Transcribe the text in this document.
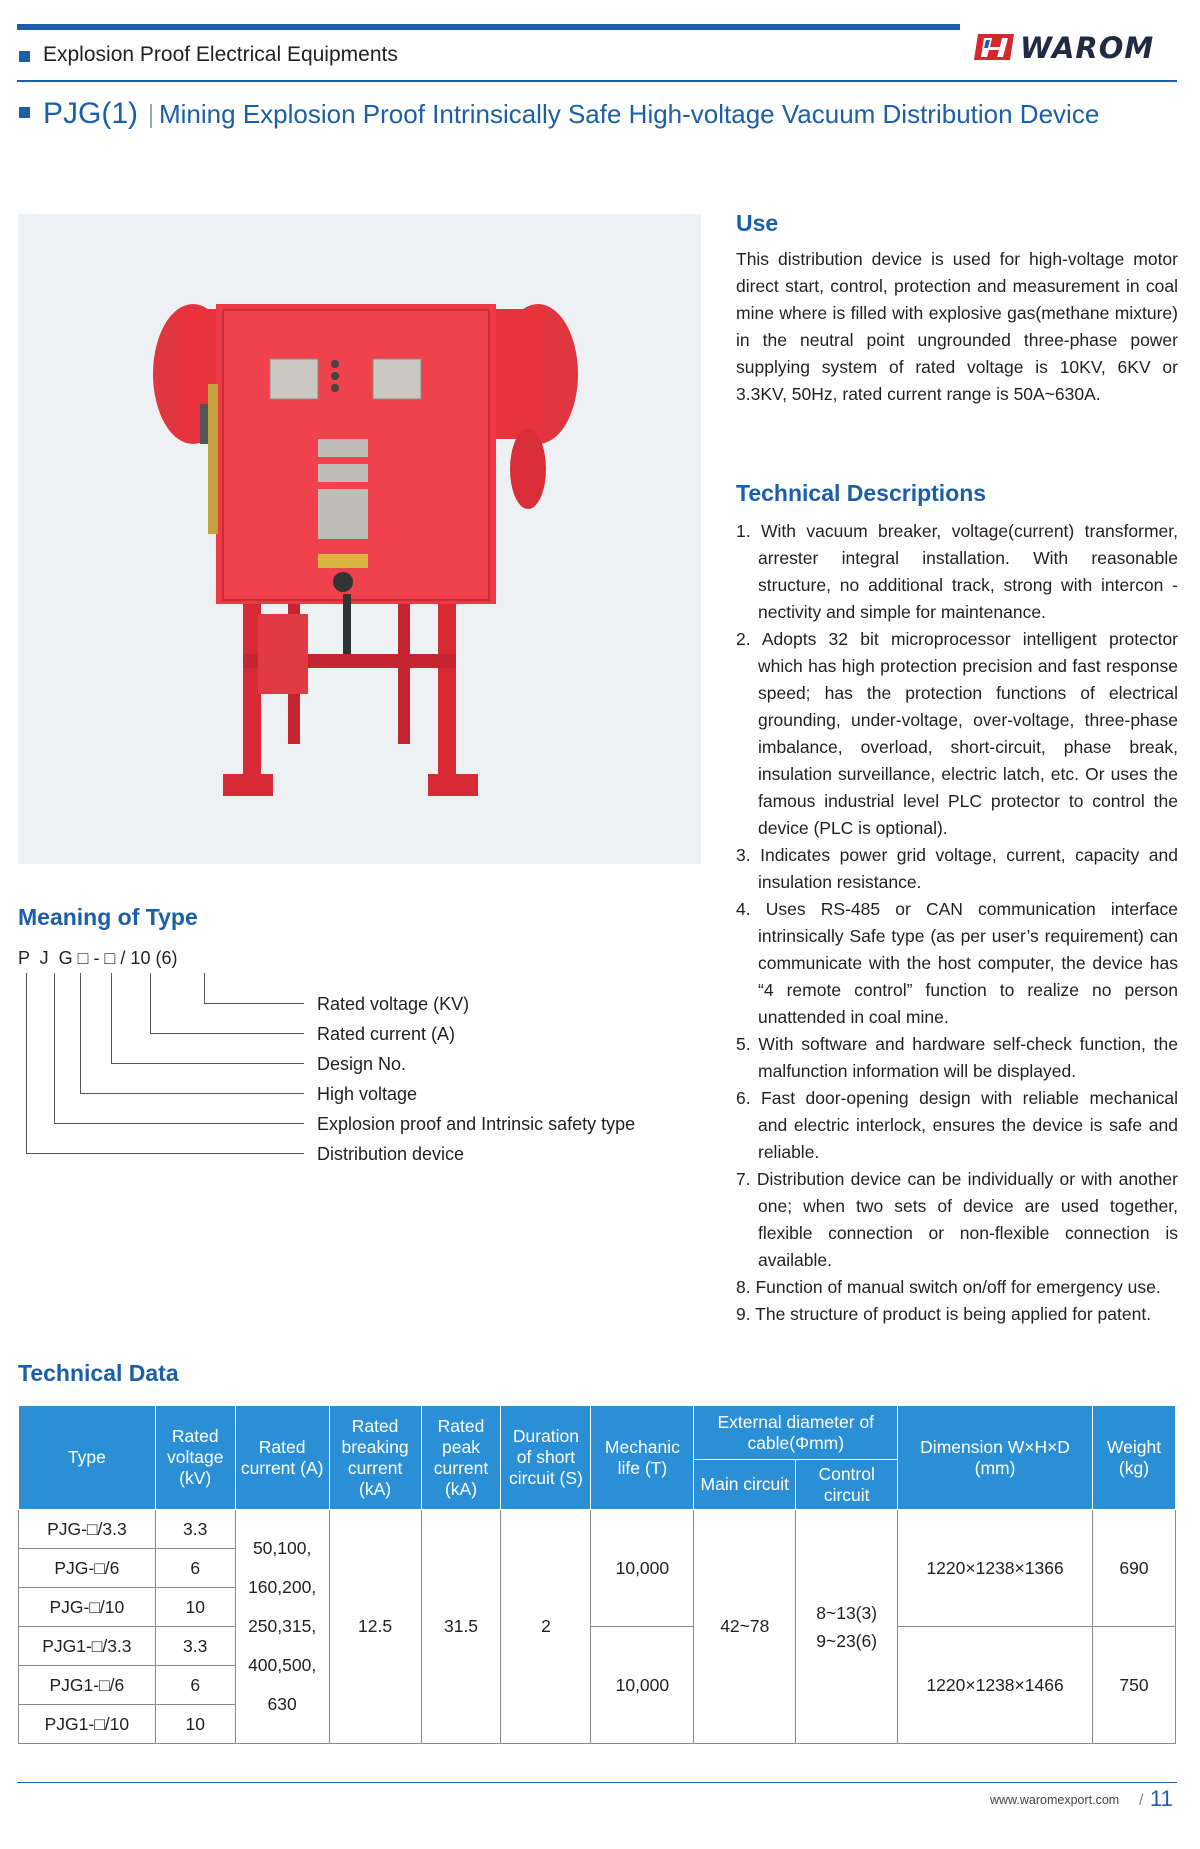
Explosion Proof Electrical Equipments	WAROM
PJG(1) Mining Explosion Proof Intrinsically Safe High-voltage Vacuum Distribution Device
Use
This distribution device is used for high-voltage motor direct start, control, protection and measurement in coal mine where is filled with explosive gas(methane mixture) in the neutral point ungrounded three-phase power supplying system of rated voltage is 10KV, 6KV or 3.3KV, 50Hz, rated current range is 50A~630A.
Technical Descriptions
1. With vacuum breaker, voltage(current) transformer, arrester integral installation. With reasonable structure, no additional track, strong with intercon -nectivity and simple for maintenance.
2. Adopts 32 bit microprocessor intelligent protector which has high protection precision and fast response speed; has the protection functions of electrical grounding, under-voltage, over-voltage, three-phase imbalance, overload, short-circuit, phase break, insulation surveillance, electric latch, etc. Or uses the famous industrial level PLC protector to control the device (PLC is optional).
3. Indicates power grid voltage, current, capacity and insulation resistance.
4. Uses RS-485 or CAN communication interface intrinsically Safe type (as per user’s requirement) can communicate with the host computer, the device has “4 remote control” function to realize no person unattended in coal mine.
5. With software and hardware self-check function, the malfunction information will be displayed.
6. Fast door-opening design with reliable mechanical and electric interlock, ensures the device is safe and reliable.
7. Distribution device can be individually or with another one; when two sets of device are used together, flexible connection or non-flexible connection is available.
8. Function of manual switch on/off for emergency use.
9. The structure of product is being applied for patent.
Meaning of Type
P  J  G □ - □ / 10 (6)
Rated voltage (KV)
Rated current (A)
Design No.
High voltage
Explosion proof and Intrinsic safety type
Distribution device
Technical Data
Type	Rated voltage (kV)	Rated current (A)	Rated breaking current (kA)	Rated peak current (kA)	Duration of short circuit (S)	Mechanic life (T)	External diameter of cable(Φmm)		Dimension W×H×D (mm)	Weight (kg)
							Main circuit	Control circuit		
PJG-□/3.3	3.3	50,100, 160,200, 250,315, 400,500, 630	12.5	31.5	2	10,000	42~78	8~13(3) 9~23(6)	1220×1238×1366	690
PJG-□/6	6									
PJG-□/10	10									
PJG1-□/3.3	3.3					10,000			1220×1238×1466	750
PJG1-□/6	6									
PJG1-□/10	10									
www.waromexport.com / 11
